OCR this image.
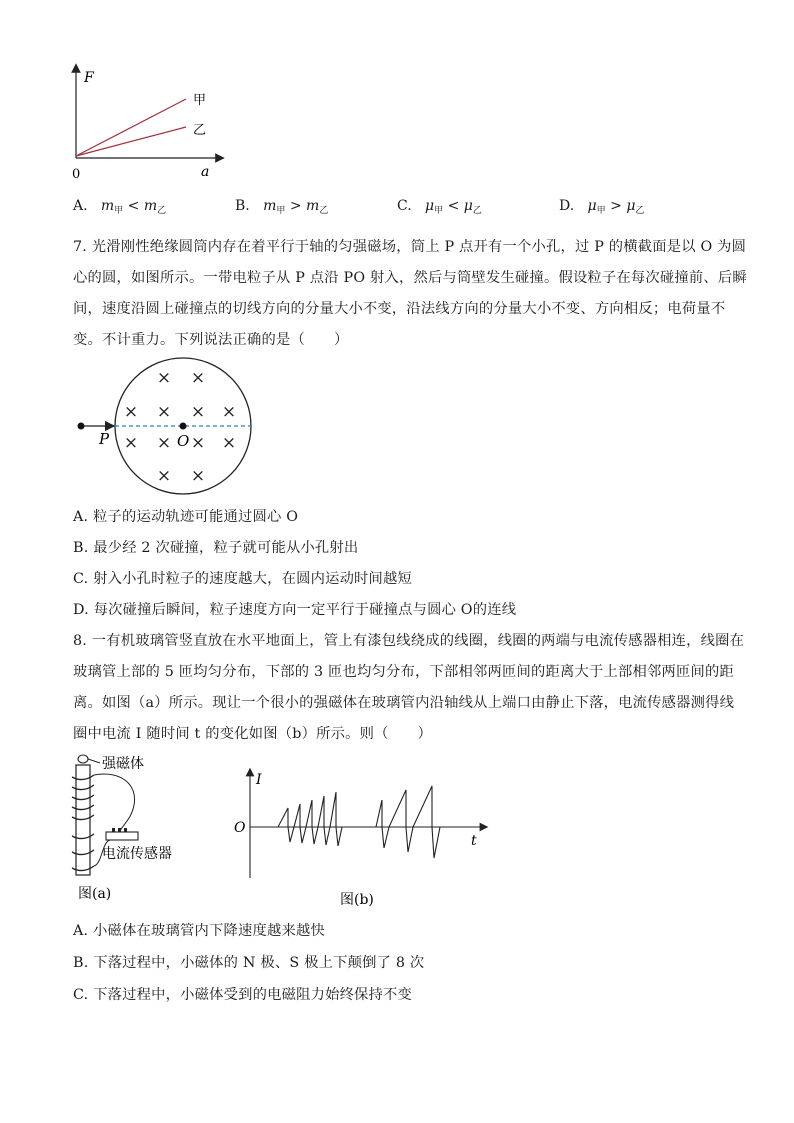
F
a
0
甲
乙
A. $m_甲 < m_乙$	B. $m_甲 > m_乙$	C. $\mu_甲 < \mu_乙$	D. $\mu_甲 > \mu_乙$
7. 光滑刚性绝缘圆筒内存在着平行于轴的匀强磁场，筒上 P 点开有一个小孔，过 P 的横截面是以 O 为圆
心的圆，如图所示。一带电粒子从 P 点沿 PO 射入，然后与筒壁发生碰撞。假设粒子在每次碰撞前、后瞬
间，速度沿圆上碰撞点的切线方向的分量大小不变，沿法线方向的分量大小不变、方向相反；电荷量不
变。不计重力。下列说法正确的是（　　）
P	O
× ×
× × × ×
× × × ×
× ×
A. 粒子的运动轨迹可能通过圆心 O
B. 最少经 2 次碰撞，粒子就可能从小孔射出
C. 射入小孔时粒子的速度越大，在圆内运动时间越短
D. 每次碰撞后瞬间，粒子速度方向一定平行于碰撞点与圆心 O的连线
8. 一有机玻璃管竖直放在水平地面上，管上有漆包线绕成的线圈，线圈的两端与电流传感器相连，线圈在
玻璃管上部的 5 匝均匀分布，下部的 3 匝也均匀分布，下部相邻两匝间的距离大于上部相邻两匝间的距
离。如图（a）所示。现让一个很小的强磁体在玻璃管内沿轴线从上端口由静止下落，电流传感器测得线
圈中电流 I 随时间 t 的变化如图（b）所示。则（　　）
强磁体
电流传感器
图(a)
I
t
O
图(b)
A. 小磁体在玻璃管内下降速度越来越快
B. 下落过程中，小磁体的 N 极、S 极上下颠倒了 8 次
C. 下落过程中，小磁体受到的电磁阻力始终保持不变
